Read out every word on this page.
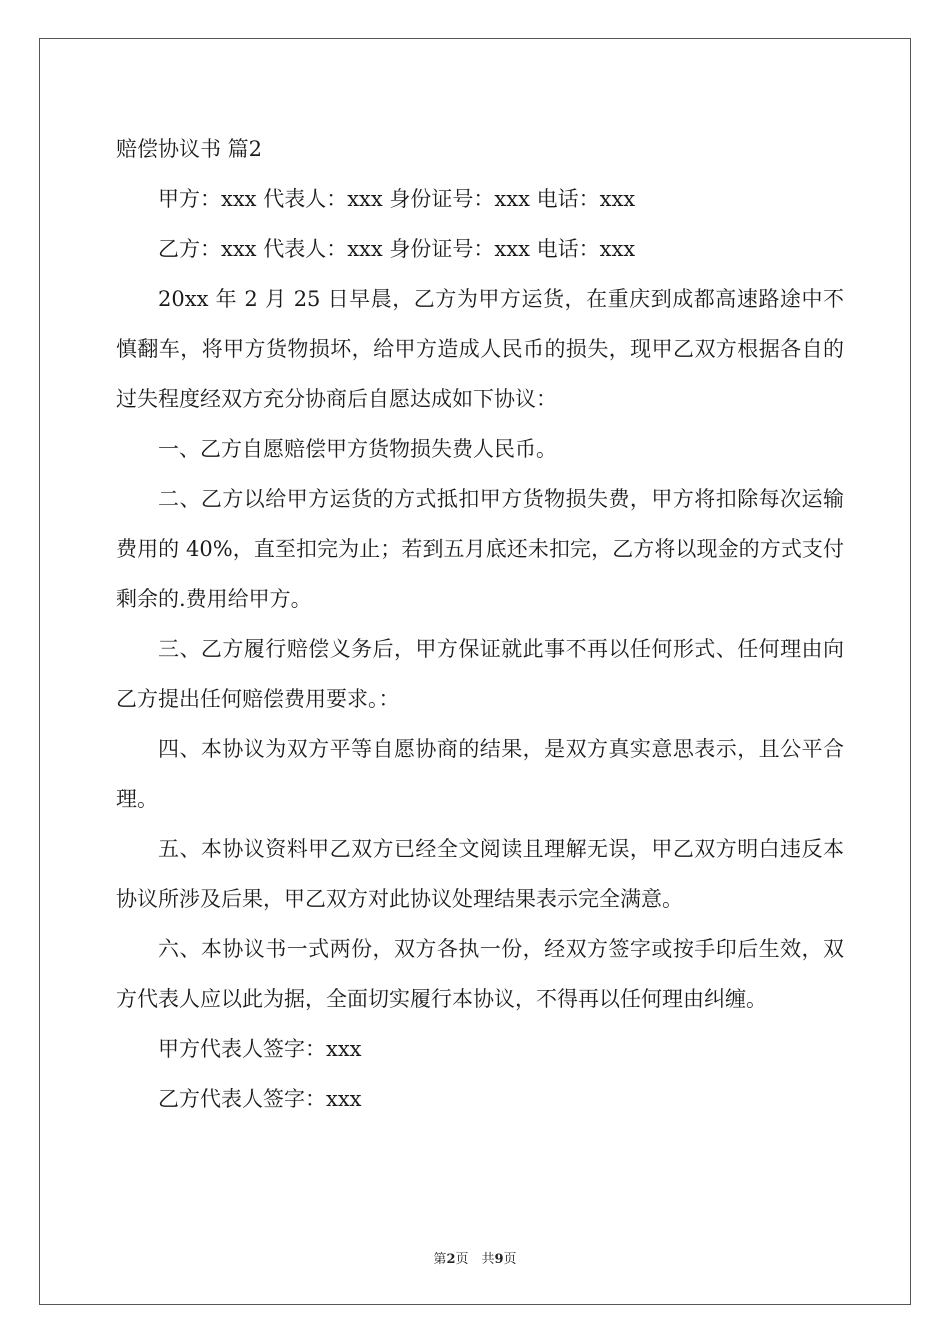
赔偿协议书 篇2

甲方：xxx 代表人：xxx 身份证号：xxx 电话：xxx

乙方：xxx 代表人：xxx 身份证号：xxx 电话：xxx

20xx 年 2 月 25 日早晨，乙方为甲方运货，在重庆到成都高速路途中不慎翻车，将甲方货物损坏，给甲方造成人民币的损失，现甲乙双方根据各自的过失程度经双方充分协商后自愿达成如下协议：

一、乙方自愿赔偿甲方货物损失费人民币。

二、乙方以给甲方运货的方式抵扣甲方货物损失费，甲方将扣除每次运输费用的 40%，直至扣完为止；若到五月底还未扣完，乙方将以现金的方式支付剩余的.费用给甲方。

三、乙方履行赔偿义务后，甲方保证就此事不再以任何形式、任何理由向乙方提出任何赔偿费用要求。：

四、本协议为双方平等自愿协商的结果，是双方真实意思表示，且公平合理。

五、本协议资料甲乙双方已经全文阅读且理解无误，甲乙双方明白违反本协议所涉及后果，甲乙双方对此协议处理结果表示完全满意。

六、本协议书一式两份，双方各执一份，经双方签字或按手印后生效，双方代表人应以此为据，全面切实履行本协议，不得再以任何理由纠缠。

甲方代表人签字：xxx

乙方代表人签字：xxx

第2页　共9页
